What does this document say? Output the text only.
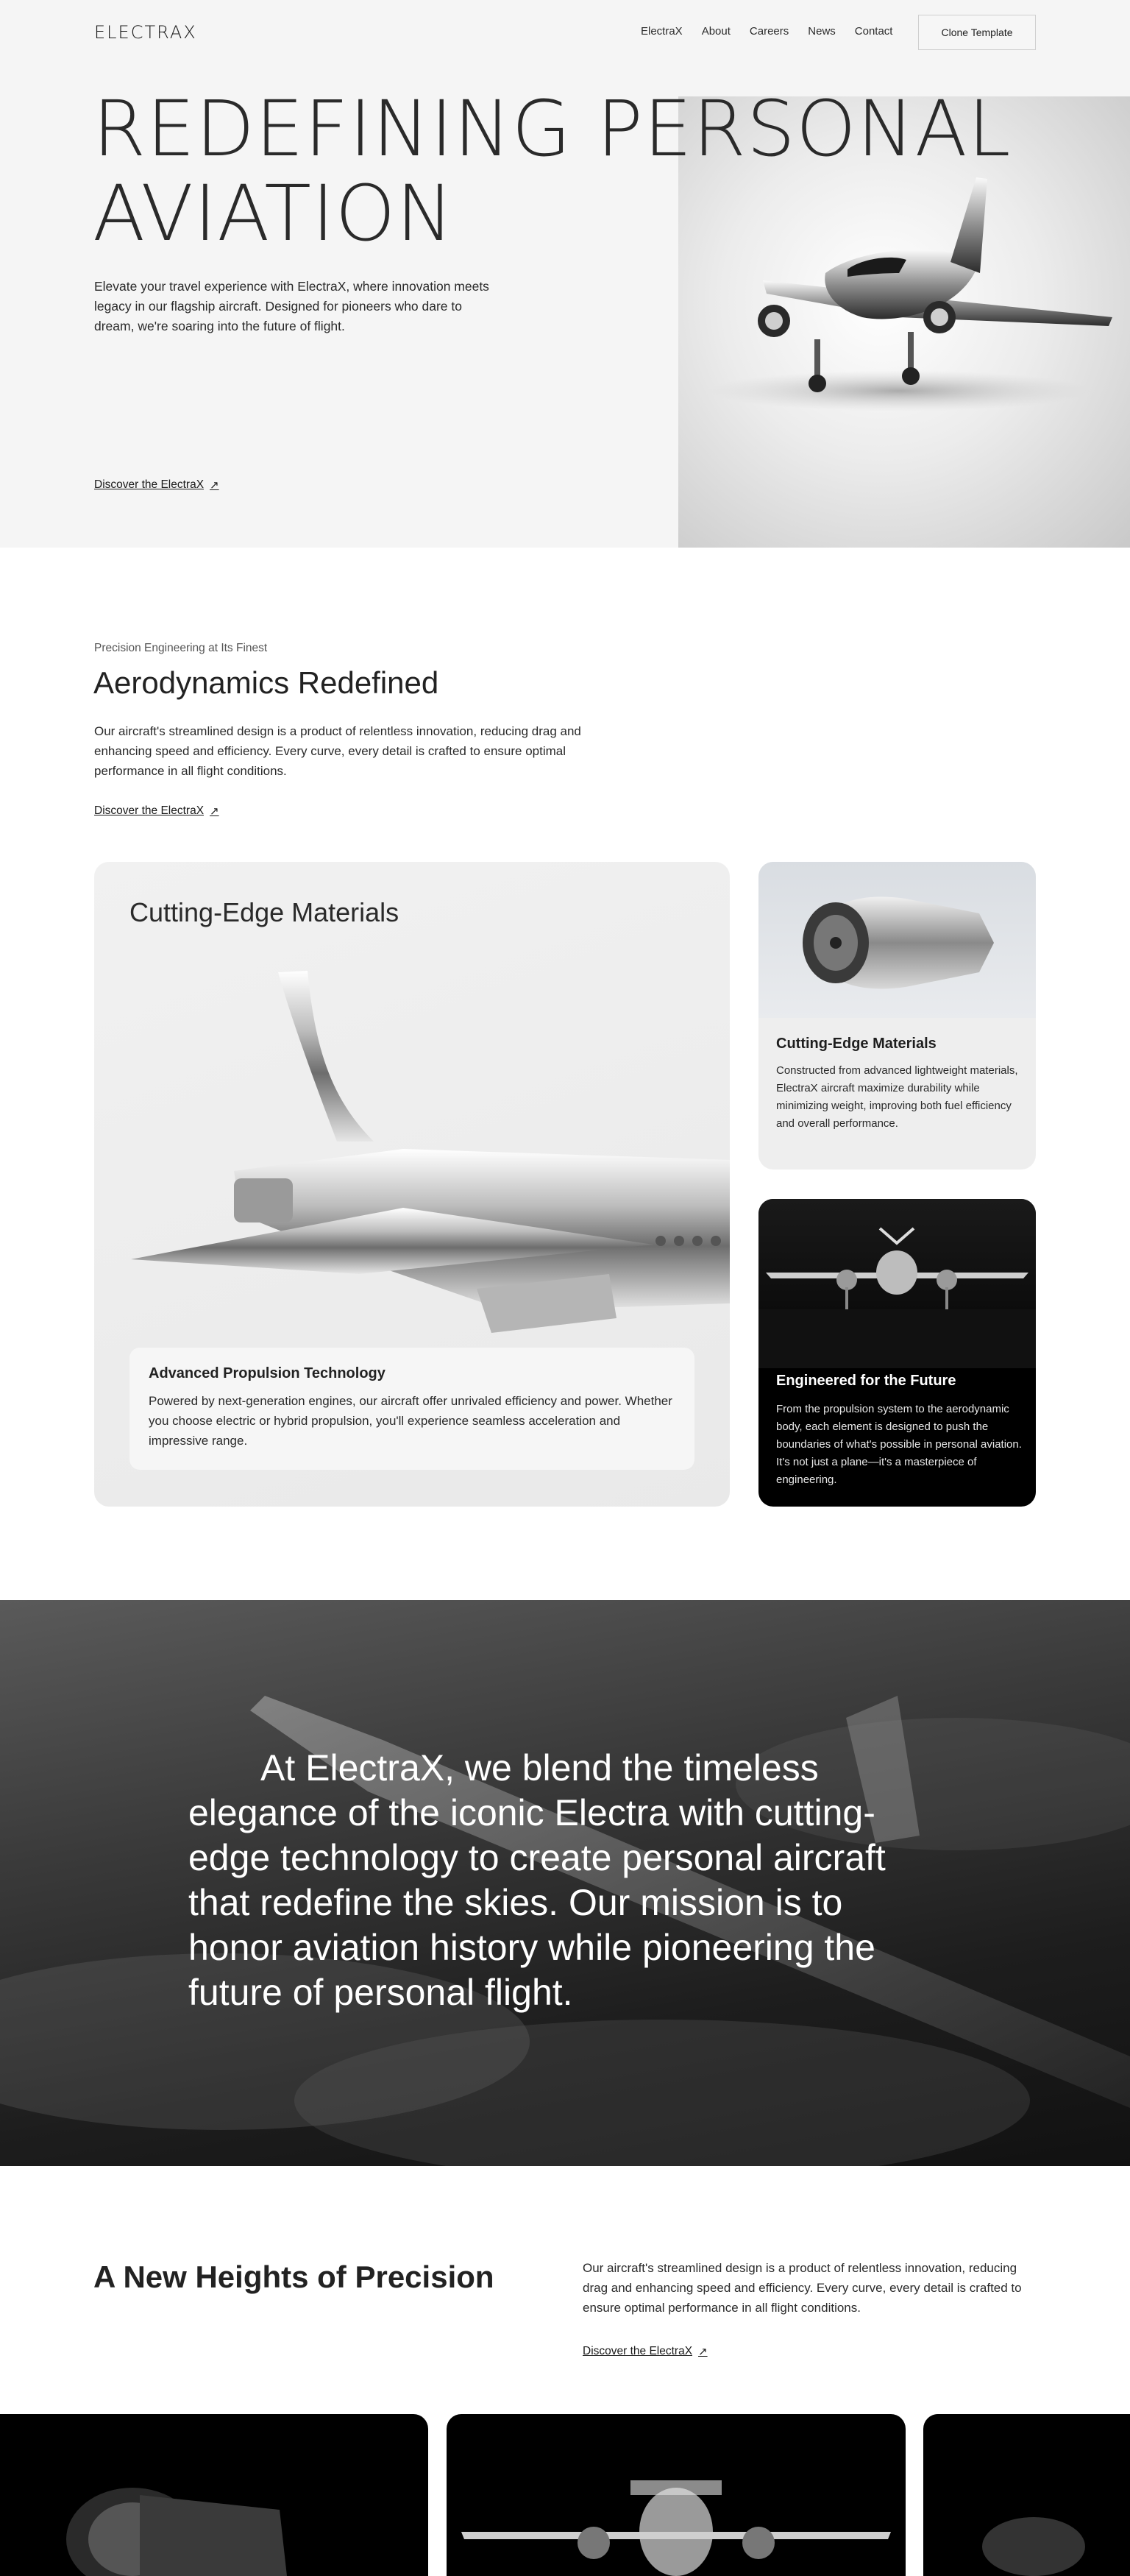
ELECTRAX	ElectraX About Careers News Contact	Clone Template
REDEFINING PERSONAL
AVIATION

Elevate your travel experience with ElectraX, where innovation meets legacy in our flagship aircraft. Designed for pioneers who dare to dream, we're soaring into the future of flight.

Discover the ElectraX ↗
Precision Engineering at Its Finest
Aerodynamics Redefined

Our aircraft's streamlined design is a product of relentless innovation, reducing drag and enhancing speed and efficiency. Every curve, every detail is crafted to ensure optimal performance in all flight conditions.

Discover the ElectraX ↗
Cutting-Edge Materials
Advanced Propulsion Technology

Powered by next-generation engines, our aircraft offer unrivaled efficiency and power. Whether you choose electric or hybrid propulsion, you'll experience seamless acceleration and impressive range.

Cutting-Edge Materials

Constructed from advanced lightweight materials, ElectraX aircraft maximize durability while minimizing weight, improving both fuel efficiency and overall performance.

Engineered for the Future

From the propulsion system to the aerodynamic body, each element is designed to push the boundaries of what's possible in personal aviation. It's not just a plane—it's a masterpiece of engineering.

At ElectraX, we blend the timeless elegance of the iconic Electra with cutting-edge technology to create personal aircraft that redefine the skies. Our mission is to honor aviation history while pioneering the future of personal flight.

A New Heights of Precision	Our aircraft's streamlined design is a product of relentless innovation, reducing drag and enhancing speed and efficiency. Every curve, every detail is crafted to ensure optimal performance in all flight conditions.

Discover the ElectraX ↗
